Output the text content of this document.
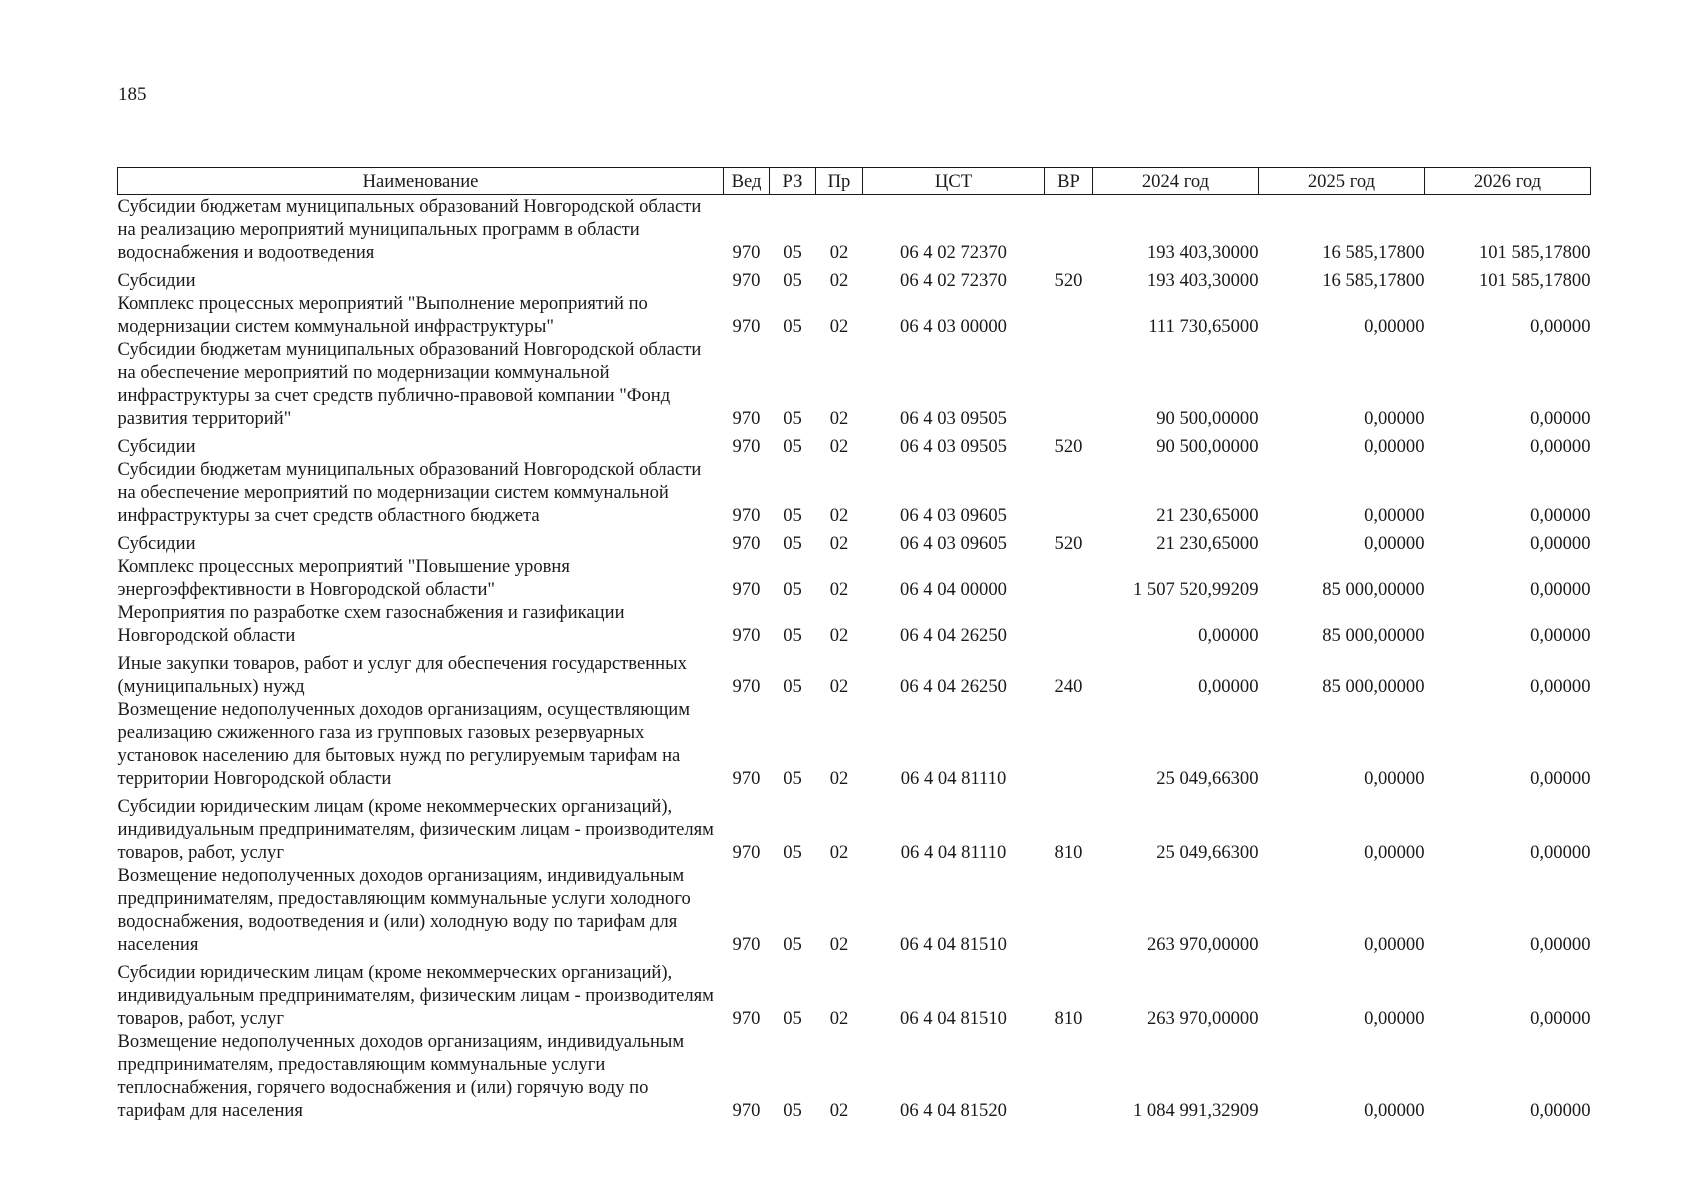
185
Наименование	Вед	РЗ	Пр	ЦСТ	ВР	2024 год	2025 год	2026 год
Субсидии бюджетам муниципальных образований Новгородской области на реализацию мероприятий муниципальных программ в области водоснабжения и водоотведения	970	05	02	06 4 02 72370		193 403,30000	16 585,17800	101 585,17800
Субсидии	970	05	02	06 4 02 72370	520	193 403,30000	16 585,17800	101 585,17800
Комплекс процессных мероприятий "Выполнение мероприятий по модернизации систем коммунальной инфраструктуры"	970	05	02	06 4 03 00000		111 730,65000	0,00000	0,00000
Субсидии бюджетам муниципальных образований Новгородской области на обеспечение мероприятий по модернизации коммунальной инфраструктуры за счет средств публично-правовой компании "Фонд развития территорий"	970	05	02	06 4 03 09505		90 500,00000	0,00000	0,00000
Субсидии	970	05	02	06 4 03 09505	520	90 500,00000	0,00000	0,00000
Субсидии бюджетам муниципальных образований Новгородской области на обеспечение мероприятий по модернизации систем коммунальной инфраструктуры за счет средств областного бюджета	970	05	02	06 4 03 09605		21 230,65000	0,00000	0,00000
Субсидии	970	05	02	06 4 03 09605	520	21 230,65000	0,00000	0,00000
Комплекс процессных мероприятий "Повышение уровня энергоэффективности в Новгородской области"	970	05	02	06 4 04 00000		1 507 520,99209	85 000,00000	0,00000
Мероприятия по разработке схем газоснабжения и газификации Новгородской области	970	05	02	06 4 04 26250		0,00000	85 000,00000	0,00000
Иные закупки товаров, работ и услуг для обеспечения государственных (муниципальных) нужд	970	05	02	06 4 04 26250	240	0,00000	85 000,00000	0,00000
Возмещение недополученных доходов организациям, осуществляющим реализацию сжиженного газа из групповых газовых резервуарных установок населению для бытовых нужд по регулируемым тарифам на территории Новгородской области	970	05	02	06 4 04 81110		25 049,66300	0,00000	0,00000
Субсидии юридическим лицам (кроме некоммерческих организаций), индивидуальным предпринимателям, физическим лицам - производителям товаров, работ, услуг	970	05	02	06 4 04 81110	810	25 049,66300	0,00000	0,00000
Возмещение недополученных доходов организациям, индивидуальным предпринимателям, предоставляющим коммунальные услуги холодного водоснабжения, водоотведения и (или) холодную воду по тарифам для населения	970	05	02	06 4 04 81510		263 970,00000	0,00000	0,00000
Субсидии юридическим лицам (кроме некоммерческих организаций), индивидуальным предпринимателям, физическим лицам - производителям товаров, работ, услуг	970	05	02	06 4 04 81510	810	263 970,00000	0,00000	0,00000
Возмещение недополученных доходов организациям, индивидуальным предпринимателям, предоставляющим коммунальные услуги теплоснабжения, горячего водоснабжения и (или) горячую воду по тарифам для населения	970	05	02	06 4 04 81520		1 084 991,32909	0,00000	0,00000
